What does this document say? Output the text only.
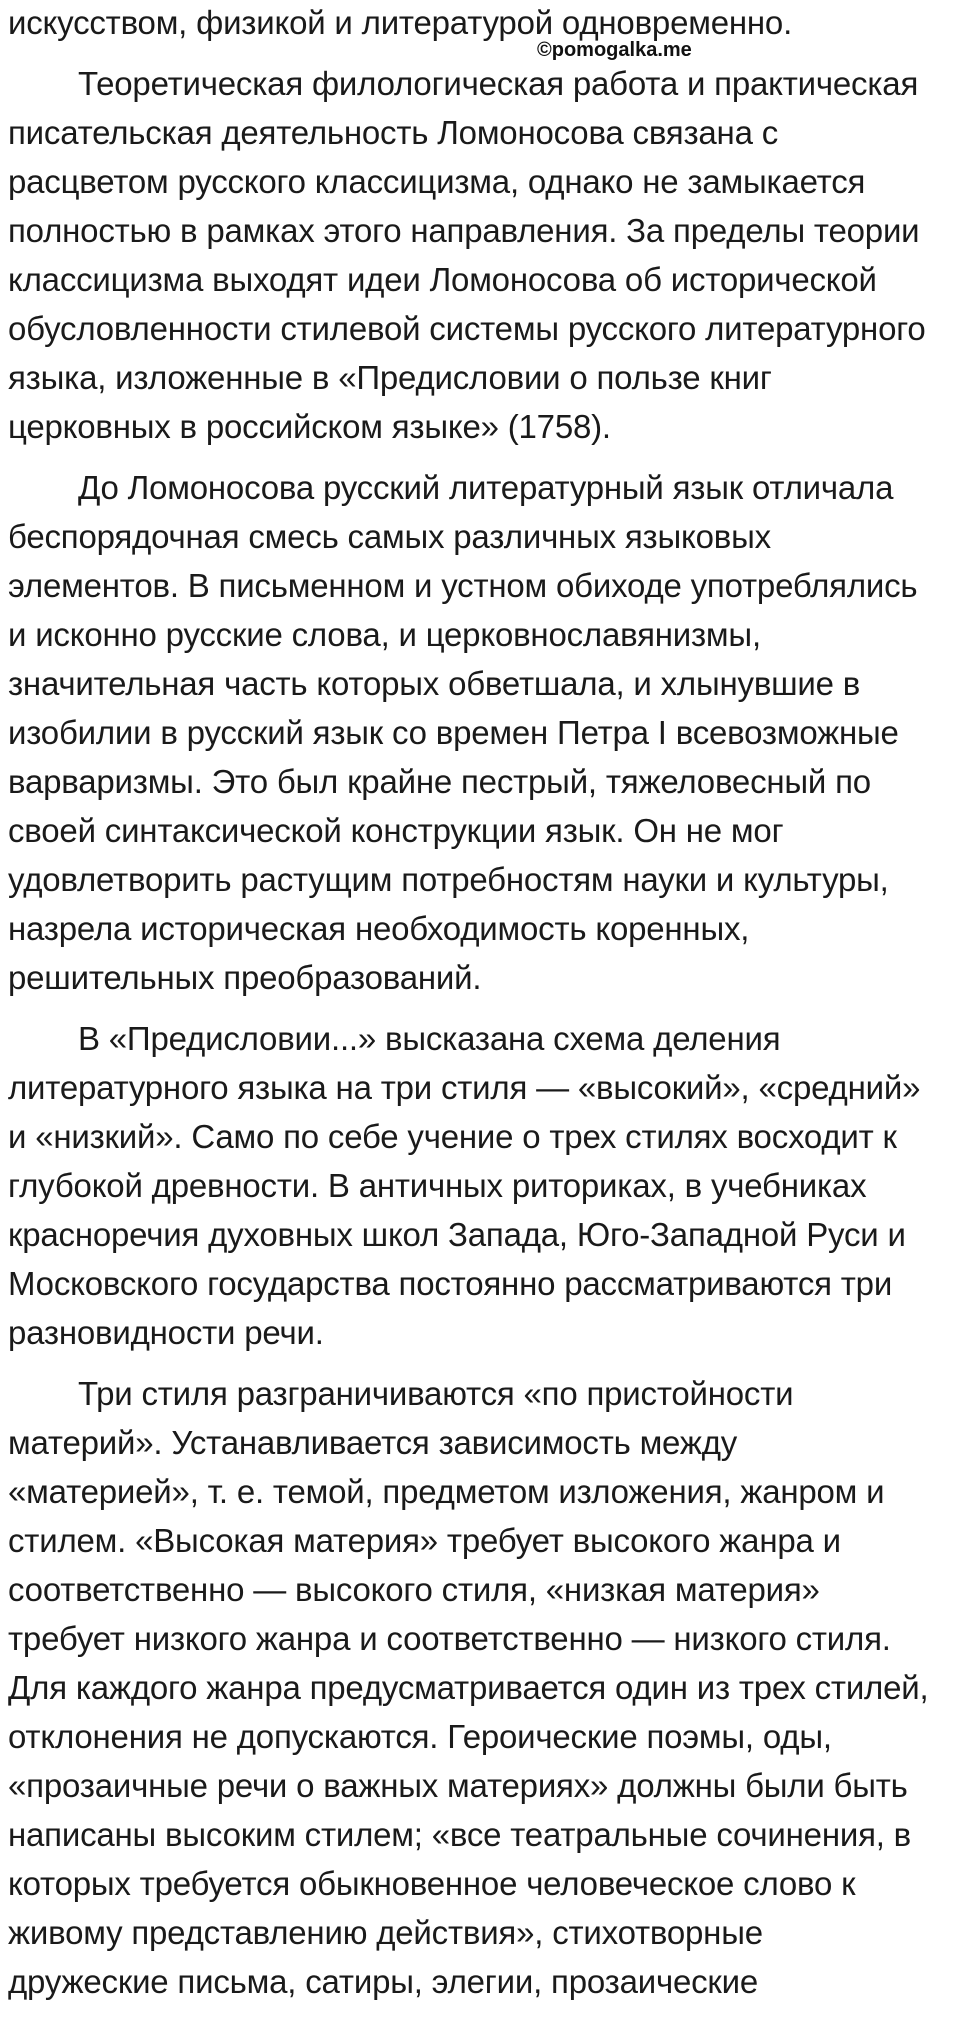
искусством, физикой и литературой одновременно.
Теоретическая филологическая работа и практическая
писательская деятельность Ломоносова связана с
расцветом русского классицизма, однако не замыкается
полностью в рамках этого направления. За пределы теории
классицизма выходят идеи Ломоносова об исторической
обусловленности стилевой системы русского литературного
языка, изложенные в «Предисловии о пользе книг
церковных в российском языке» (1758).
До Ломоносова русский литературный язык отличала
беспорядочная смесь самых различных языковых
элементов. В письменном и устном обиходе употреблялись
и исконно русские слова, и церковнославянизмы,
значительная часть которых обветшала, и хлынувшие в
изобилии в русский язык со времен Петра I всевозможные
варваризмы. Это был крайне пестрый, тяжеловесный по
своей синтаксической конструкции язык. Он не мог
удовлетворить растущим потребностям науки и культуры,
назрела историческая необходимость коренных,
решительных преобразований.
В «Предисловии...» высказана схема деления
литературного языка на три стиля — «высокий», «средний»
и «низкий». Само по себе учение о трех стилях восходит к
глубокой древности. В античных риториках, в учебниках
красноречия духовных школ Запада, Юго-Западной Руси и
Московского государства постоянно рассматриваются три
разновидности речи.
Три стиля разграничиваются «по пристойности
материй». Устанавливается зависимость между
«материей», т. е. темой, предметом изложения, жанром и
стилем. «Высокая материя» требует высокого жанра и
соответственно — высокого стиля, «низкая материя»
требует низкого жанра и соответственно — низкого стиля.
Для каждого жанра предусматривается один из трех стилей,
отклонения не допускаются. Героические поэмы, оды,
«прозаичные речи о важных материях» должны были быть
написаны высоким стилем; «все театральные сочинения, в
которых требуется обыкновенное человеческое слово к
живому представлению действия», стихотворные
дружеские письма, сатиры, элегии, прозаические
©pomogalka.me
